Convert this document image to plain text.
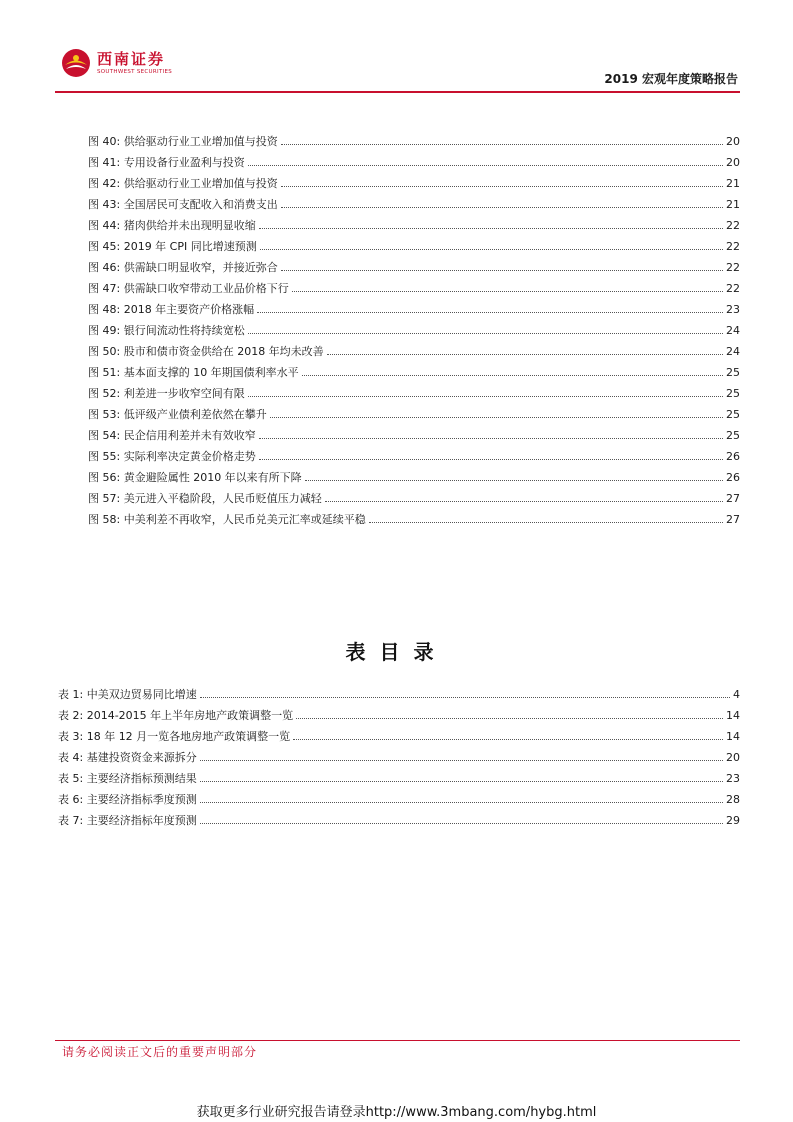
西南证券
SOUTHWEST SECURITIES	2019 宏观年度策略报告
图 40: 供给驱动行业工业增加值与投资	20
图 41: 专用设备行业盈利与投资	20
图 42: 供给驱动行业工业增加值与投资	21
图 43: 全国居民可支配收入和消费支出	21
图 44: 猪肉供给并未出现明显收缩	22
图 45: 2019 年 CPI 同比增速预测	22
图 46: 供需缺口明显收窄，并接近弥合	22
图 47: 供需缺口收窄带动工业品价格下行	22
图 48: 2018 年主要资产价格涨幅	23
图 49: 银行间流动性将持续宽松	24
图 50: 股市和债市资金供给在 2018 年均未改善	24
图 51: 基本面支撑的 10 年期国债利率水平	25
图 52: 利差进一步收窄空间有限	25
图 53: 低评级产业债利差依然在攀升	25
图 54: 民企信用利差并未有效收窄	25
图 55: 实际利率决定黄金价格走势	26
图 56: 黄金避险属性 2010 年以来有所下降	26
图 57: 美元进入平稳阶段，人民币贬值压力减轻	27
图 58: 中美利差不再收窄，人民币兑美元汇率或延续平稳	27
表目录
表 1: 中美双边贸易同比增速	4
表 2: 2014-2015 年上半年房地产政策调整一览	14
表 3: 18 年 12 月一览各地房地产政策调整一览	14
表 4: 基建投资资金来源拆分	20
表 5: 主要经济指标预测结果	23
表 6: 主要经济指标季度预测	28
表 7: 主要经济指标年度预测	29
请务必阅读正文后的重要声明部分
获取更多行业研究报告请登录http://www.3mbang.com/hybg.html
